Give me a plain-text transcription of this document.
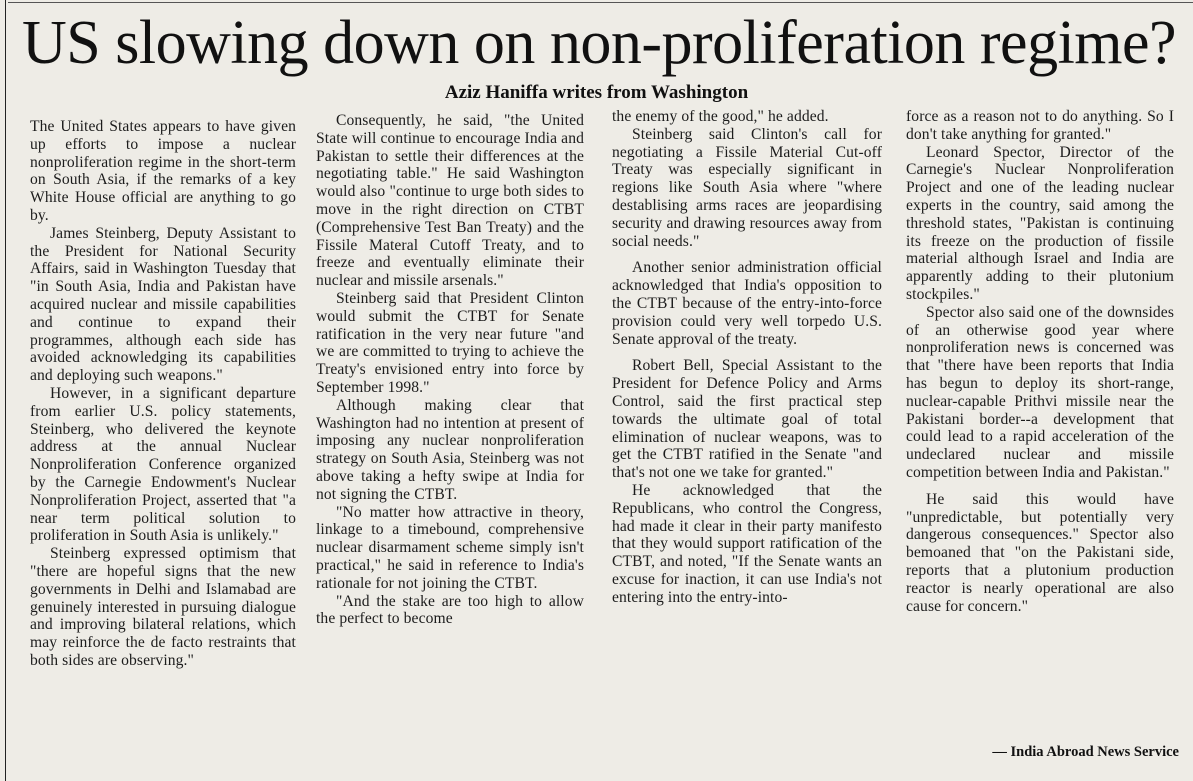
US slowing down on non-proliferation regime?
Aziz Haniffa writes from Washington

The United States appears to have given up efforts to impose a nuclear nonproliferation regime in the short-term on South Asia, if the remarks of a key White House official are anything to go by.

James Steinberg, Deputy Assistant to the President for National Security Affairs, said in Washington Tuesday that "in South Asia, India and Pakistan have acquired nuclear and missile capabilities and continue to expand their programmes, although each side has avoided acknowledging its capabilities and deploying such weapons."

However, in a significant departure from earlier U.S. policy statements, Steinberg, who delivered the keynote address at the annual Nuclear Nonproliferation Conference organized by the Carnegie Endowment's Nuclear Nonproliferation Project, asserted that "a near term political solution to proliferation in South Asia is unlikely."

Steinberg expressed optimism that "there are hopeful signs that the new governments in Delhi and Islamabad are genuinely interested in pursuing dialogue and improving bilateral relations, which may reinforce the de facto restraints that both sides are observing."

Consequently, he said, "the United State will continue to encourage India and Pakistan to settle their differences at the negotiating table." He said Washington would also "continue to urge both sides to move in the right direction on CTBT (Comprehensive Test Ban Treaty) and the Fissile Materal Cutoff Treaty, and to freeze and eventually eliminate their nuclear and missile arsenals."

Steinberg said that President Clinton would submit the CTBT for Senate ratification in the very near future "and we are committed to trying to achieve the Treaty's envisioned entry into force by September 1998."

Although making clear that Washington had no intention at present of imposing any nuclear nonproliferation strategy on South Asia, Steinberg was not above taking a hefty swipe at India for not signing the CTBT.

"No matter how attractive in theory, linkage to a timebound, comprehensive nuclear disarmament scheme simply isn't practical," he said in reference to India's rationale for not joining the CTBT.

"And the stake are too high to allow the perfect to become

the enemy of the good," he added.

Steinberg said Clinton's call for negotiating a Fissile Material Cut-off Treaty was especially significant in regions like South Asia where "where destablising arms races are jeopardising security and drawing resources away from social needs."

Another senior administration official acknowledged that India's opposition to the CTBT because of the entry-into-force provision could very well torpedo U.S. Senate approval of the treaty.

Robert Bell, Special Assistant to the President for Defence Policy and Arms Control, said the first practical step towards the ultimate goal of total elimination of nuclear weapons, was to get the CTBT ratified in the Senate "and that's not one we take for granted."

He acknowledged that the Republicans, who control the Congress, had made it clear in their party manifesto that they would support ratification of the CTBT, and noted, "If the Senate wants an excuse for inaction, it can use India's not entering into the entry-into-

force as a reason not to do anything. So I don't take anything for granted."

Leonard Spector, Director of the Carnegie's Nuclear Nonproliferation Project and one of the leading nuclear experts in the country, said among the threshold states, "Pakistan is continuing its freeze on the production of fissile material although Israel and India are apparently adding to their plutonium stockpiles."

Spector also said one of the downsides of an otherwise good year where nonproliferation news is concerned was that "there have been reports that India has begun to deploy its short-range, nuclear-capable Prithvi missile near the Pakistani border--a development that could lead to a rapid acceleration of the undeclared nuclear and missile competition between India and Pakistan."

He said this would have "unpredictable, but potentially very dangerous consequences." Spector also bemoaned that "on the Pakistani side, reports that a plutonium production reactor is nearly operational are also cause for concern."

— India Abroad News Service
